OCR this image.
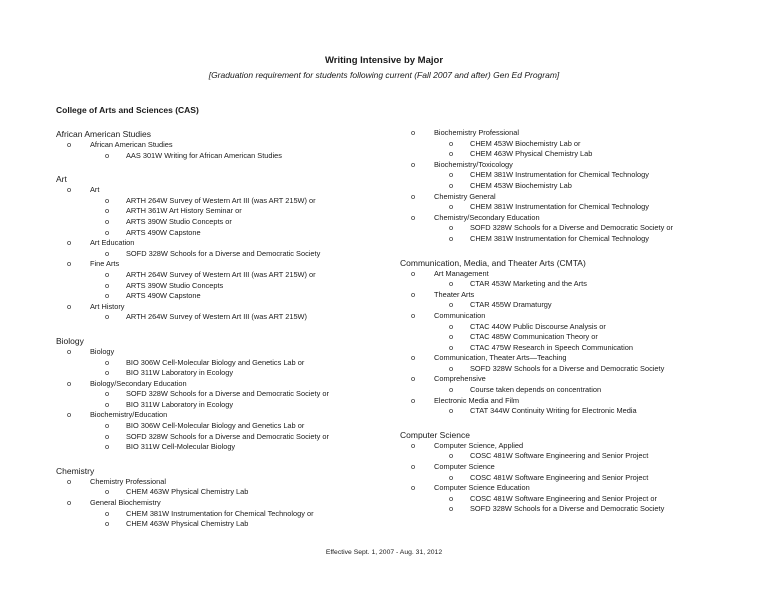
Writing Intensive by Major
[Graduation requirement for students following current (Fall 2007 and after) Gen Ed Program]
College of Arts and Sciences (CAS)
African American Studies
o	African American Studies
o AAS 301W Writing for African American Studies
Art
o	Art
o ARTH 264W Survey of Western Art III (was ART 215W) or
o ARTH 361W Art History Seminar or
o ARTS 390W Studio Concepts or
o ARTS 490W Capstone
o	Art Education
o SOFD 328W Schools for a Diverse and Democratic Society
o	Fine Arts
o ARTH 264W Survey of Western Art III (was ART 215W) or
o ARTS 390W Studio Concepts
o ARTS 490W Capstone
o	Art History
o ARTH 264W Survey of Western Art III (was ART 215W)
Biology
o	Biology
o BIO 306W Cell-Molecular Biology and Genetics Lab or
o BIO 311W Laboratory in Ecology
o	Biology/Secondary Education
o SOFD 328W Schools for a Diverse and Democratic Society or
o BIO 311W Laboratory in Ecology
o	Biochemistry/Education
o BIO 306W Cell-Molecular Biology and Genetics Lab or
o SOFD 328W Schools for a Diverse and Democratic Society or
o BIO 311W Cell-Molecular Biology
Chemistry
o	Chemistry Professional
o CHEM 463W Physical Chemistry Lab
o	General Biochemistry
o CHEM 381W Instrumentation for Chemical Technology or
o CHEM 463W Physical Chemistry Lab
o	Biochemistry Professional
o CHEM 453W Biochemistry Lab or
o CHEM 463W Physical Chemistry Lab
o	Biochemistry/Toxicology
o CHEM 381W Instrumentation for Chemical Technology
o CHEM 453W Biochemistry Lab
o	Chemistry General
o CHEM 381W Instrumentation for Chemical Technology
o	Chemistry/Secondary Education
o SOFD 328W Schools for a Diverse and Democratic Society or
o CHEM 381W Instrumentation for Chemical Technology
Communication, Media, and Theater Arts (CMTA)
o	Art Management
o CTAR 453W Marketing and the Arts
o	Theater Arts
o CTAR 455W Dramaturgy
o	Communication
o CTAC 440W Public Discourse Analysis or
o CTAC 485W Communication Theory or
o CTAC 475W Research in Speech Communication
o	Communication, Theater Arts—Teaching
o SOFD 328W Schools for a Diverse and Democratic Society
o	Comprehensive
o Course taken depends on concentration
o	Electronic Media and Film
o CTAT 344W Continuity Writing for Electronic Media
Computer Science
o	Computer Science, Applied
o COSC 481W Software Engineering and Senior Project
o	Computer Science
o COSC 481W Software Engineering and Senior Project
o	Computer Science Education
o COSC 481W Software Engineering and Senior Project or
o SOFD 328W Schools for a Diverse and Democratic Society
Effective Sept. 1, 2007 - Aug. 31, 2012
